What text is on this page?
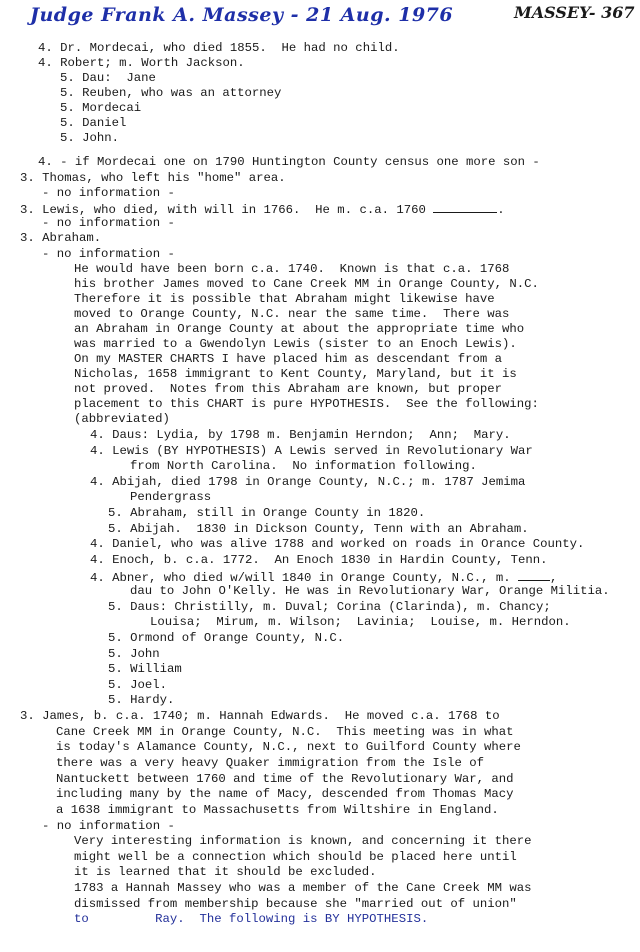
Judge Frank A. Massey - 21 Aug. 1976	MASSEY- 367
4. Dr. Mordecai, who died 1855.  He had no child.
4. Robert; m. Worth Jackson.
5. Dau:  Jane
5. Reuben, who was an attorney
5. Mordecai
5. Daniel
5. John.
4. - if Mordecai one on 1790 Huntington County census one more son -
3. Thomas, who left his "home" area.
- no information -
3. Lewis, who died, with will in 1766.  He m. c.a. 1760	.
- no information -
3. Abraham.
- no information -
He would have been born c.a. 1740.  Known is that c.a. 1768
his brother James moved to Cane Creek MM in Orange County, N.C.
Therefore it is possible that Abraham might likewise have
moved to Orange County, N.C. near the same time.  There was
an Abraham in Orange County at about the appropriate time who
was married to a Gwendolyn Lewis (sister to an Enoch Lewis).
On my MASTER CHARTS I have placed him as descendant from a
Nicholas, 1658 immigrant to Kent County, Maryland, but it is
not proved.  Notes from this Abraham are known, but proper
placement to this CHART is pure HYPOTHESIS.  See the following:
(abbreviated)
4. Daus: Lydia, by 1798 m. Benjamin Herndon;  Ann;  Mary.
4. Lewis (BY HYPOTHESIS) A Lewis served in Revolutionary War
from North Carolina.  No information following.
4. Abijah, died 1798 in Orange County, N.C.; m. 1787 Jemima
Pendergrass
5. Abraham, still in Orange County in 1820.
5. Abijah.  1830 in Dickson County, Tenn with an Abraham.
4. Daniel, who was alive 1788 and worked on roads in Orance County.
4. Enoch, b. c.a. 1772.  An Enoch 1830 in Hardin County, Tenn.
4. Abner, who died w/will 1840 in Orange County, N.C., m.	,
dau to John O'Kelly. He was in Revolutionary War, Orange Militia.
5. Daus: Christilly, m. Duval; Corina (Clarinda), m. Chancy;
Louisa;  Mirum, m. Wilson;  Lavinia;  Louise, m. Herndon.
5. Ormond of Orange County, N.C.
5. John
5. William
5. Joel.
5. Hardy.
3. James, b. c.a. 1740; m. Hannah Edwards.  He moved c.a. 1768 to
Cane Creek MM in Orange County, N.C.  This meeting was in what
is today's Alamance County, N.C., next to Guilford County where
there was a very heavy Quaker immigration from the Isle of
Nantuckett between 1760 and time of the Revolutionary War, and
including many by the name of Macy, descended from Thomas Macy
a 1638 immigrant to Massachusetts from Wiltshire in England.
- no information -
Very interesting information is known, and concerning it there
might well be a connection which should be placed here until
it is learned that it should be excluded.
1783 a Hannah Massey who was a member of the Cane Creek MM was
dismissed from membership because she "married out of union"
to         Ray.  The following is BY HYPOTHESIS.
